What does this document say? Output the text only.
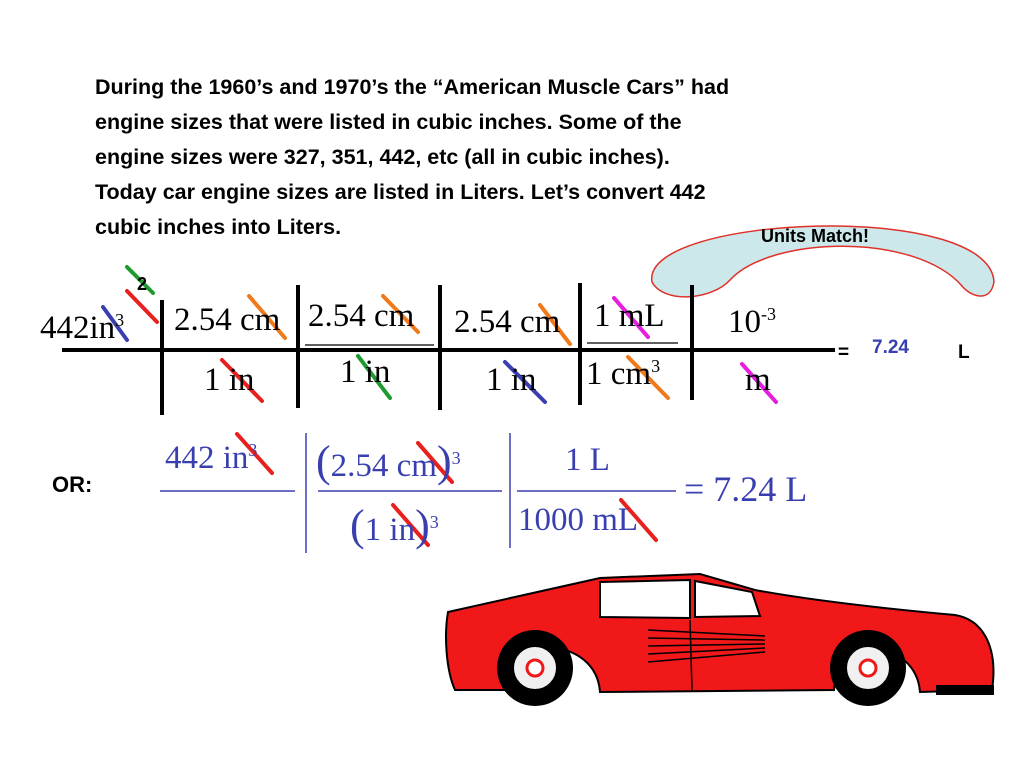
During the 1960’s and 1970’s the “American Muscle Cars” had
engine sizes that were listed in cubic inches. Some of the
engine sizes were 327, 351, 442, etc (all in cubic inches).
Today car engine sizes are listed in Liters. Let’s convert 442
cubic inches into Liters.	Units Match!
$442in^3$
2
2.54 cm
1 in
2.54 cm
1 in
2.54 cm
1 in
1 mL
1 $cm^3$
$10^{-3}$
m
= 7.24	L
OR:
442 $in^3$ (2.54 cm)$^3$
(1 in)$^3$
1 L
1000 mL
= 7.24 L
